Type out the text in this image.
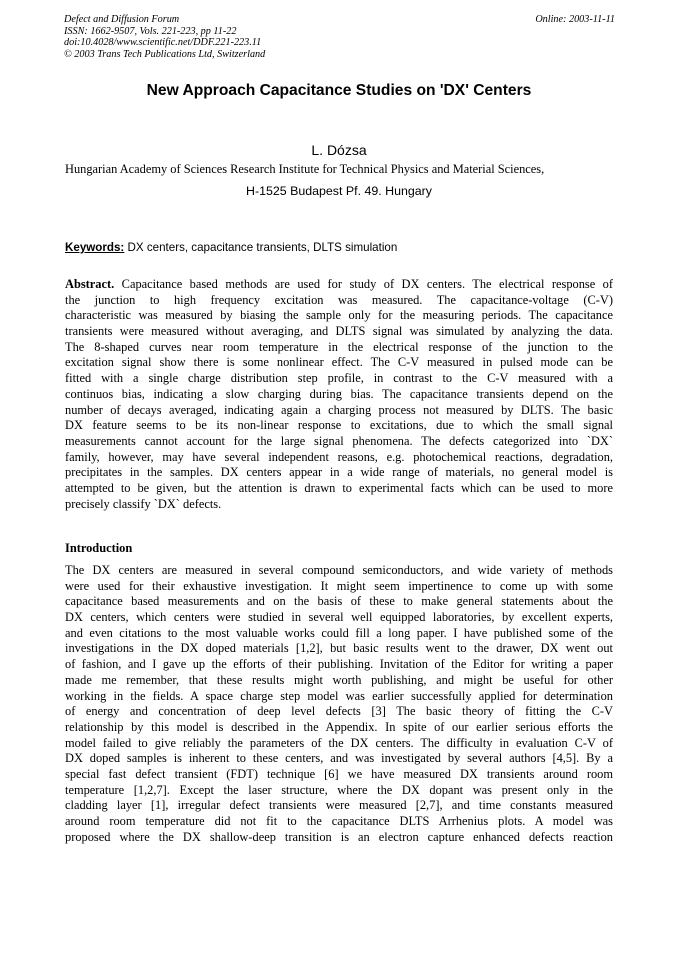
Defect and Diffusion Forum
ISSN: 1662-9507, Vols. 221-223, pp 11-22
doi:10.4028/www.scientific.net/DDF.221-223.11
© 2003 Trans Tech Publications Ltd, Switzerland
Online: 2003-11-11
New Approach Capacitance Studies on 'DX' Centers
L. Dózsa
Hungarian Academy of Sciences Research Institute for Technical Physics and Material Sciences,
H-1525 Budapest Pf. 49. Hungary
Keywords: DX centers, capacitance transients, DLTS simulation
Abstract. Capacitance based methods are used for study of DX centers. The electrical response of
the junction to high frequency excitation was measured. The capacitance-voltage (C-V)
characteristic was measured by biasing the sample only for the measuring periods. The capacitance
transients were measured without averaging, and DLTS signal was simulated by analyzing the data.
The 8-shaped curves near room temperature in the electrical response of the junction to the
excitation signal show there is some nonlinear effect. The C-V measured in pulsed mode can be
fitted with a single charge distribution step profile, in contrast to the C-V measured with a
continuos bias, indicating a slow charging during bias. The capacitance transients depend on the
number of decays averaged, indicating again a charging process not measured by DLTS. The basic
DX feature seems to be its non-linear response to excitations, due to which the small signal
measurements cannot account for the large signal phenomena. The defects categorized into `DX`
family, however, may have several independent reasons, e.g. photochemical reactions, degradation,
precipitates in the samples. DX centers appear in a wide range of materials, no general model is
attempted to be given, but the attention is drawn to experimental facts which can be used to more
precisely classify `DX` defects.
Introduction
The DX centers are measured in several compound semiconductors, and wide variety of methods
were used for their exhaustive investigation. It might seem impertinence to come up with some
capacitance based measurements and on the basis of these to make general statements about the
DX centers, which centers were studied in several well equipped laboratories, by excellent experts,
and even citations to the most valuable works could fill a long paper. I have published some of the
investigations in the DX doped materials [1,2], but basic results went to the drawer, DX went out
of fashion, and I gave up the efforts of their publishing. Invitation of the Editor for writing a paper
made me remember, that these results might worth publishing, and might be useful for other
working in the fields. A space charge step model was earlier successfully applied for determination
of energy and concentration of deep level defects [3] The basic theory of fitting the C-V
relationship by this model is described in the Appendix. In spite of our earlier serious efforts the
model failed to give reliably the parameters of the DX centers. The difficulty in evaluation C-V of
DX doped samples is inherent to these centers, and was investigated by several authors [4,5]. By a
special fast defect transient (FDT) technique [6] we have measured DX transients around room
temperature [1,2,7]. Except the laser structure, where the DX dopant was present only in the
cladding layer [1], irregular defect transients were measured [2,7], and time constants measured
around room temperature did not fit to the capacitance DLTS Arrhenius plots. A model was
proposed where the DX shallow-deep transition is an electron capture enhanced defects reaction
